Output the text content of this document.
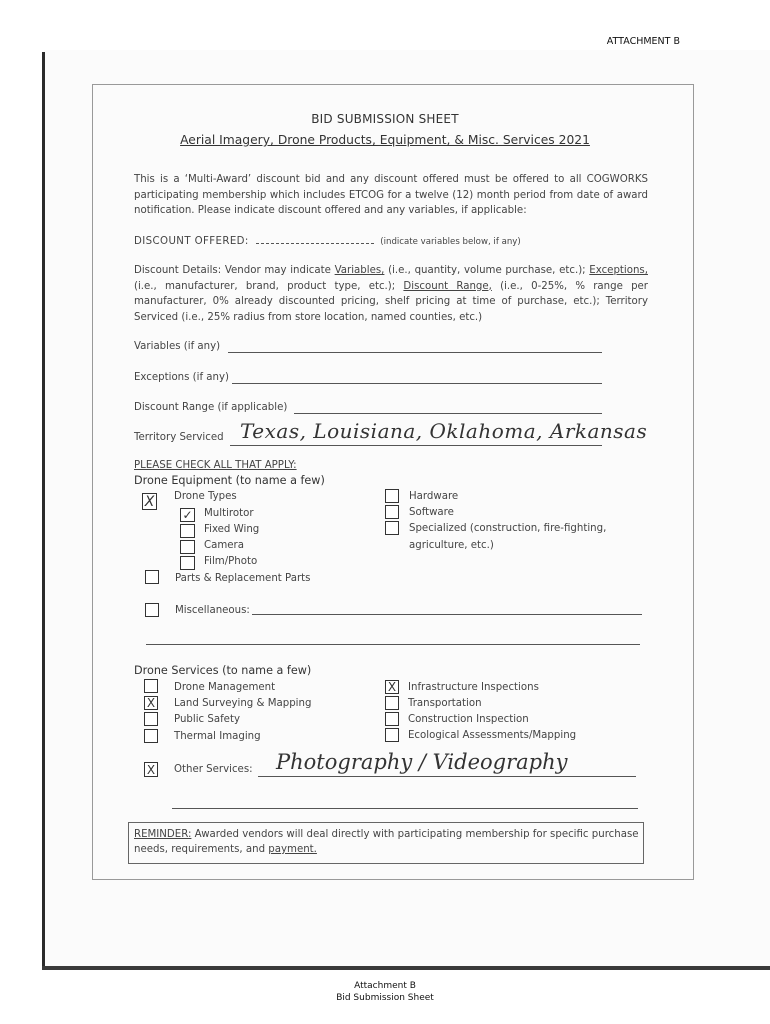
ATTACHMENT B
BID SUBMISSION SHEET
Aerial Imagery, Drone Products, Equipment, & Misc. Services 2021
This is a ‘Multi-Award’ discount bid and any discount offered must be offered to all COGWORKS participating membership which includes ETCOG for a twelve (12) month period from date of award notification. Please indicate discount offered and any variables, if applicable:
DISCOUNT OFFERED:	(indicate variables below, if any)
Discount Details: Vendor may indicate Variables, (i.e., quantity, volume purchase, etc.); Exceptions, (i.e., manufacturer, brand, product type, etc.); Discount Range, (i.e., 0-25%, % range per manufacturer, 0% already discounted pricing, shelf pricing at time of purchase, etc.); Territory Serviced (i.e., 25% radius from store location, named counties, etc.)
Variables (if any)
Exceptions (if any)
Discount Range (if applicable)
Territory Serviced Texas, Louisiana, Oklahoma, Arkansas
PLEASE CHECK ALL THAT APPLY:
Drone Equipment (to name a few)
X Drone Types
✓ Multirotor
Fixed Wing
Camera
Film/Photo
Parts & Replacement Parts
Hardware
Software
Specialized (construction, fire-fighting,
agriculture, etc.)
Miscellaneous:
Drone Services (to name a few)
Drone Management
X Land Surveying & Mapping
Public Safety
Thermal Imaging
X Infrastructure Inspections
Transportation
Construction Inspection
Ecological Assessments/Mapping
X Other Services: Photography / Videography
REMINDER: Awarded vendors will deal directly with participating membership for specific purchase needs, requirements, and payment.
Attachment B
Bid Submission Sheet
